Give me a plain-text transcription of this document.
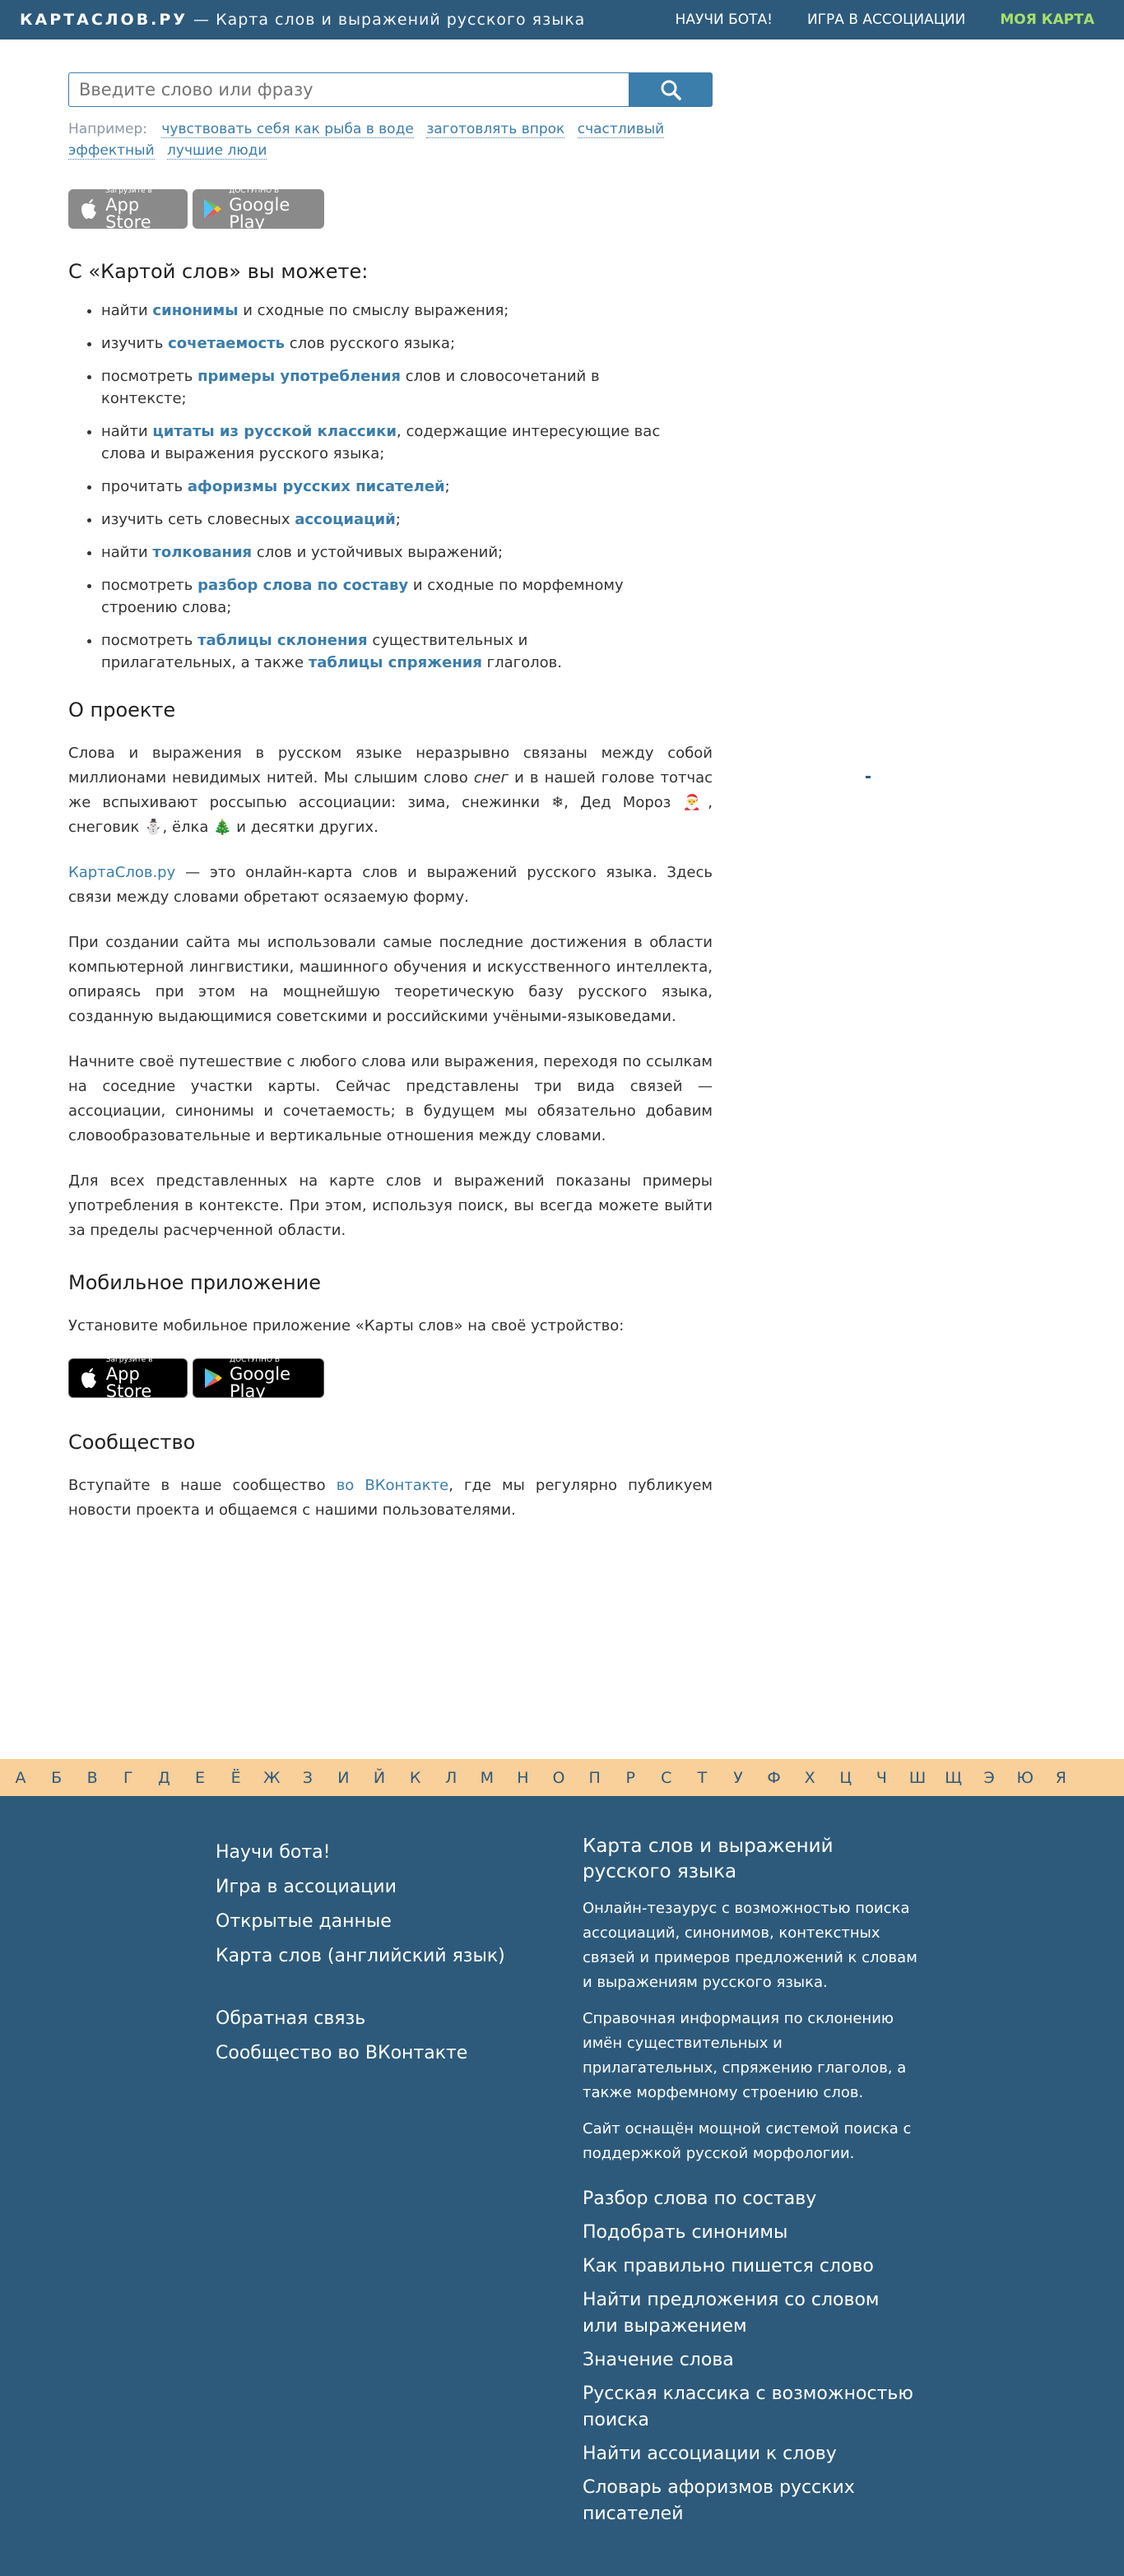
КАРТАСЛОВ.РУ — Карта слов и выражений русского языка	НАУЧИ БОТА! ИГРА В АССОЦИАЦИИ МОЯ КАРТА
Введите слово или фразу
Например: чувствовать себя как рыба в воде заготовлять впрок счастливый эффектный лучшие люди
Загрузите в
App Store
ДОСТУПНО В
Google Play
С «Картой слов» вы можете:
• найти синонимы и сходные по смыслу выражения;
• изучить сочетаемость слов русского языка;
• посмотреть примеры употребления слов и словосочетаний в контексте;
• найти цитаты из русской классики, содержащие интересующие вас слова и выражения русского языка;
• прочитать афоризмы русских писателей;
• изучить сеть словесных ассоциаций;
• найти толкования слов и устойчивых выражений;
• посмотреть разбор слова по составу и сходные по морфемному строению слова;
• посмотреть таблицы склонения существительных и прилагательных, а также таблицы спряжения глаголов.
О проекте

Слова и выражения в русском языке неразрывно связаны между собой миллионами невидимых нитей. Мы слышим слово снег и в нашей голове тотчас же вспыхивают россыпью ассоциации: зима, снежинки ❄, Дед Мороз 🎅, снеговик ⛄, ёлка 🎄 и десятки других.

КартаСлов.ру — это онлайн-карта слов и выражений русского языка. Здесь связи между словами обретают осязаемую форму.

При создании сайта мы использовали самые последние достижения в области компьютерной лингвистики, машинного обучения и искусственного интеллекта, опираясь при этом на мощнейшую теоретическую базу русского языка, созданную выдающимися советскими и российскими учёными-языковедами.

Начните своё путешествие с любого слова или выражения, переходя по ссылкам на соседние участки карты. Сейчас представлены три вида связей — ассоциации, синонимы и сочетаемость; в будущем мы обязательно добавим словообразовательные и вертикальные отношения между словами.

Для всех представленных на карте слов и выражений показаны примеры употребления в контексте. При этом, используя поиск, вы всегда можете выйти за пределы расчерченной области.

Мобильное приложение

Установите мобильное приложение «Карты слов» на своё устройство:

Загрузите в
App Store
ДОСТУПНО В
Google Play
Сообщество

Вступайте в наше сообщество во ВКонтакте, где мы регулярно публикуем новости проекта и общаемся с нашими пользователями.

А Б В Г Д Е Ё Ж З И Й К Л М Н О П Р С Т У Ф Х Ц Ч Ш Щ Э Ю Я
Научи бота!
Игра в ассоциации
Открытые данные
Карта слов (английский язык)
Обратная связь
Сообщество во ВКонтакте
Карта слов и выражений русского языка

Онлайн-тезаурус с возможностью поиска ассоциаций, синонимов, контекстных связей и примеров предложений к словам и выражениям русского языка.

Справочная информация по склонению имён существительных и прилагательных, спряжению глаголов, а также морфемному строению слов.

Сайт оснащён мощной системой поиска с поддержкой русской морфологии.

Разбор слова по составу
Подобрать синонимы
Как правильно пишется слово
Найти предложения со словом или выражением
Значение слова
Русская классика с возможностью поиска
Найти ассоциации к слову
Словарь афоризмов русских писателей
